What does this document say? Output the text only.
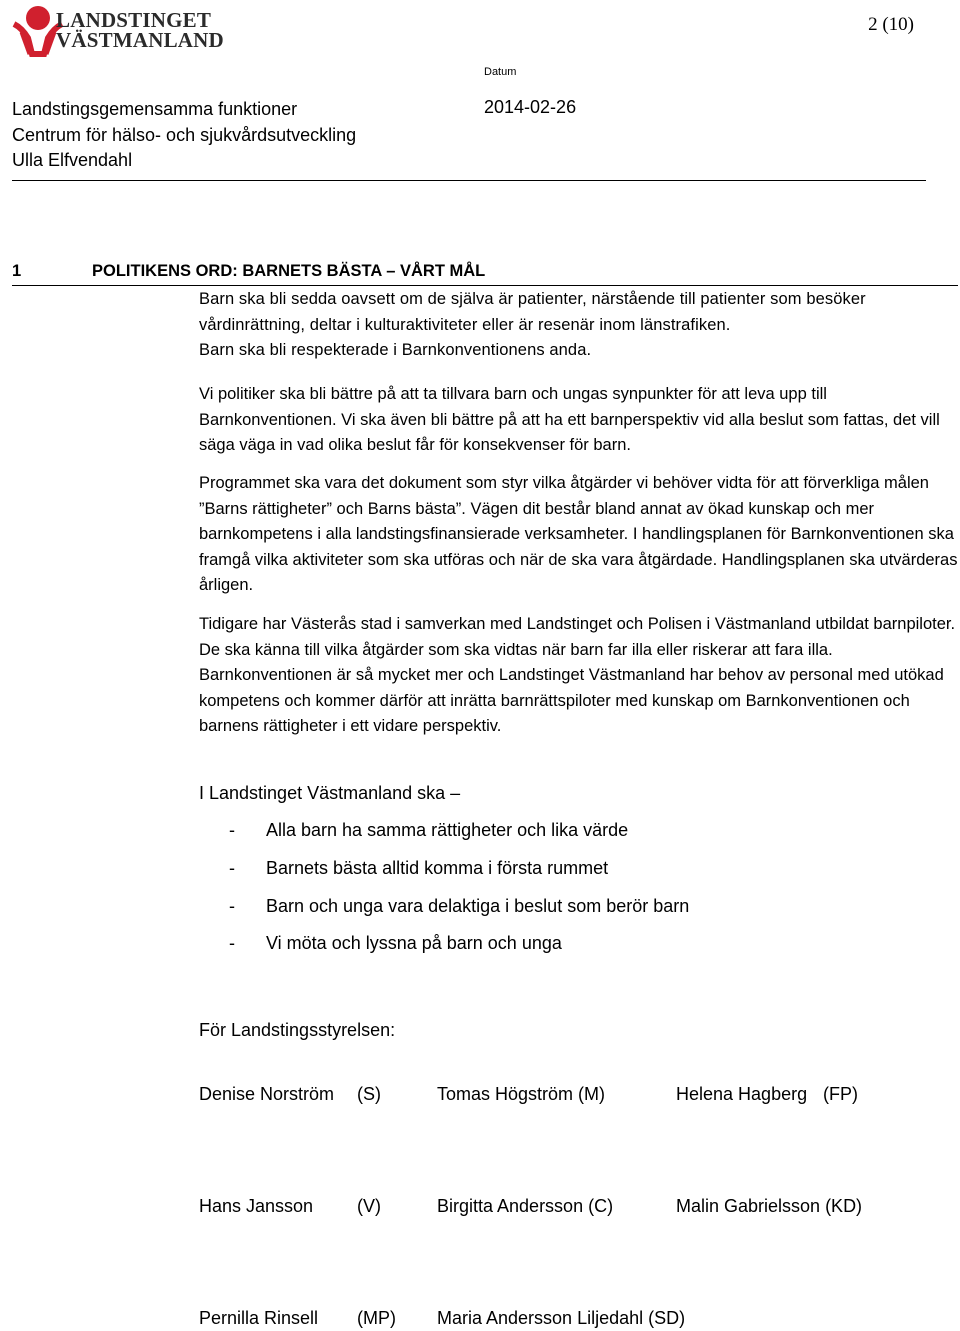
LANDSTINGET
VÄSTMANLAND
2 (10)
Datum
2014-02-26
Landstingsgemensamma funktioner
Centrum för hälso- och sjukvårdsutveckling
Ulla Elfvendahl
1	POLITIKENS ORD: BARNETS BÄSTA – VÅRT MÅL

Barn ska bli sedda oavsett om de själva är patienter, närstående till patienter som besöker

vårdinrättning, deltar i kulturaktiviteter eller är resenär inom länstrafiken.

Barn ska bli respekterade i Barnkonventionens anda.

Vi politiker ska bli bättre på att ta tillvara barn och ungas synpunkter för att leva upp till Barnkonventionen. Vi ska även bli bättre på att ha ett barnperspektiv vid alla beslut som fattas, det vill säga väga in vad olika beslut får för konsekvenser för barn.

Programmet ska vara det dokument som styr vilka åtgärder vi behöver vidta för att förverkliga målen ”Barns rättigheter” och Barns bästa”. Vägen dit består bland annat av ökad kunskap och mer barnkompetens i alla landstingsfinansierade verksamheter. I handlingsplanen för Barnkonventionen ska framgå vilka aktiviteter som ska utföras och när de ska vara åtgärdade. Handlingsplanen ska utvärderas årligen.

Tidigare har Västerås stad i samverkan med Landstinget och Polisen i Västmanland utbildat barnpiloter. De ska känna till vilka åtgärder som ska vidtas när barn far illa eller riskerar att fara illa. Barnkonventionen är så mycket mer och Landstinget Västmanland har behov av personal med utökad kompetens och kommer därför att inrätta barnrättspiloter med kunskap om Barnkonventionen och barnens rättigheter i ett vidare perspektiv.

I Landstinget Västmanland ska –
- Alla barn ha samma rättigheter och lika värde
- Barnets bästa alltid komma i första rummet
- Barn och unga vara delaktiga i beslut som berör barn
- Vi möta och lyssna på barn och unga
För Landstingsstyrelsen:
Denise Norström (S)	Tomas Högström (M)	Helena Hagberg (FP)
Hans Jansson (V)	Birgitta Andersson (C)	Malin Gabrielsson (KD)
Pernilla Rinsell (MP) Maria Andersson Liljedahl (SD)
